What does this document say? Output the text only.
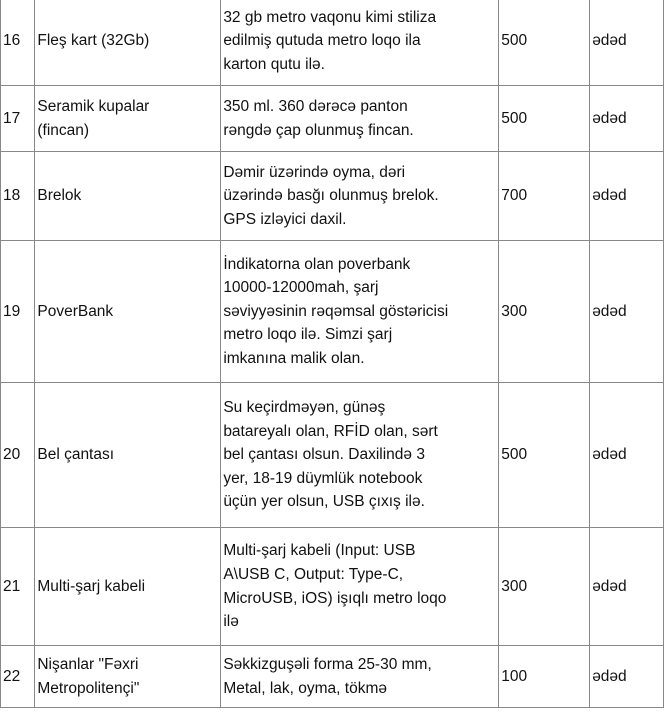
16	Fleş kart (32Gb)	32 gb metro vaqonu kimi stiliza
edilmiş qutuda metro loqo ila
karton qutu ilə.	500	ədəd
17	Seramik kupalar
(fincan)	350 ml. 360 dərəcə panton
rəngdə çap olunmuş fincan.	500	ədəd
18	Brelok	Dəmir üzərində oyma, dəri
üzərində basğı olunmuş brelok.
GPS izləyici daxil.	700	ədəd
19	PoverBank	İndikatorna olan poverbank
10000-12000mah, şarj
səviyyəsinin rəqəmsal göstəricisi
metro loqo ilə. Simzi şarj
imkanına malik olan.	300	ədəd
20	Bel çantası	Su keçirdməyən, günəş
batareyalı olan, RFİD olan, sərt
bel çantası olsun. Daxilində 3
yer, 18-19 düymlük notebook
üçün yer olsun, USB çıxış ilə.	500	ədəd
21	Multi-şarj kabeli	Multi-şarj kabeli (Input: USB
A\USB C, Output: Type-C,
MicroUSB, iOS) işıqlı metro loqo
ilə	300	ədəd
22	Nişanlar "Fəxri
Metropolitençi"	Səkkizguşəli forma 25-30 mm,
Metal, lak, oyma, tökmə	100	ədəd
